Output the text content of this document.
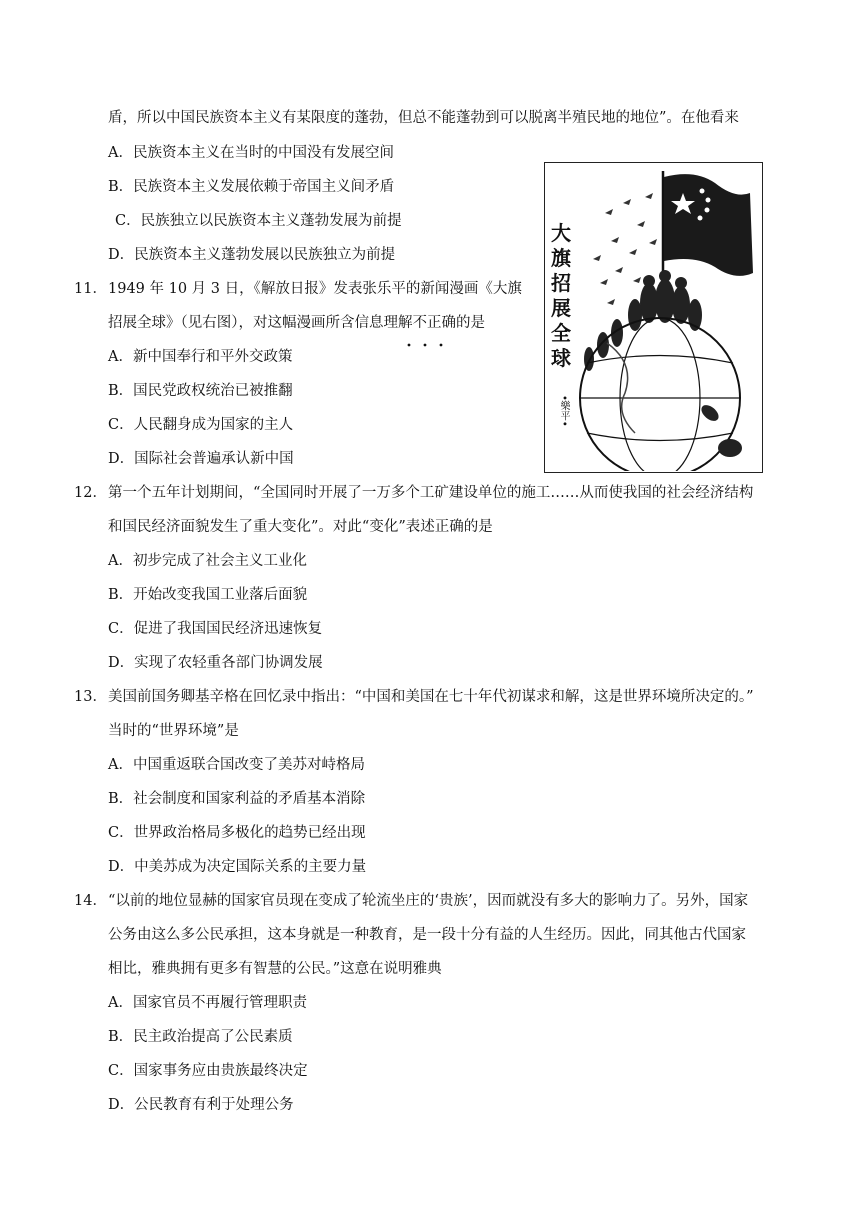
盾，所以中国民族资本主义有某限度的蓬勃，但总不能蓬勃到可以脱离半殖民地的地位”。在他看来
A．民族资本主义在当时的中国没有发展空间
B．民族资本主义发展依赖于帝国主义间矛盾
C．民族独立以民族资本主义蓬勃发展为前提
D．民族资本主义蓬勃发展以民族独立为前提
11． 1949 年 10 月 3 日，《解放日报》发表张乐平的新闻漫画《大旗
招展全球》（见右图），对这幅漫画所含信息理解不正确的是
A．新中国奉行和平外交政策
B．国民党政权统治已被推翻
C．人民翻身成为国家的主人
D．国际社会普遍承认新中国
大
旗
招
展
全
球
•樂平•
12． 第一个五年计划期间，“全国同时开展了一万多个工矿建设单位的施工……从而使我国的社会经济结构
和国民经济面貌发生了重大变化”。对此“变化”表述正确的是
A．初步完成了社会主义工业化
B．开始改变我国工业落后面貌
C．促进了我国国民经济迅速恢复
D．实现了农轻重各部门协调发展
13． 美国前国务卿基辛格在回忆录中指出：“中国和美国在七十年代初谋求和解，这是世界环境所决定的。”
当时的“世界环境”是
A．中国重返联合国改变了美苏对峙格局
B．社会制度和国家利益的矛盾基本消除
C．世界政治格局多极化的趋势已经出现
D．中美苏成为决定国际关系的主要力量
14． “以前的地位显赫的国家官员现在变成了轮流坐庄的‘贵族’，因而就没有多大的影响力了。另外，国家
公务由这么多公民承担，这本身就是一种教育，是一段十分有益的人生经历。因此，同其他古代国家
相比，雅典拥有更多有智慧的公民。”这意在说明雅典
A．国家官员不再履行管理职责
B．民主政治提高了公民素质
C．国家事务应由贵族最终决定
D．公民教育有利于处理公务
